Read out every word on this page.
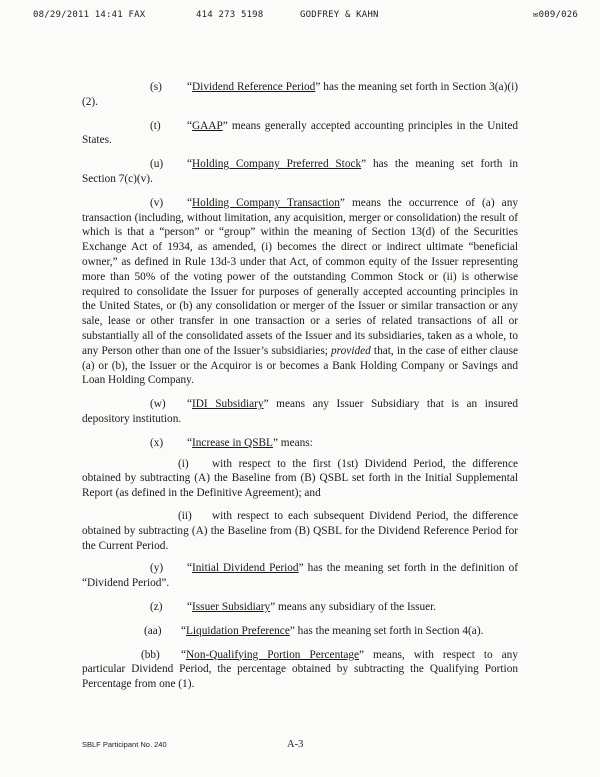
08/29/2011 14:41 FAX	414 273 5198	GODFREY & KAHN	✉009/026

(s) “Dividend Reference Period” has the meaning set forth in Section 3(a)(i)(2).

(t) “GAAP” means generally accepted accounting principles in the United States.

(u) “Holding Company Preferred Stock” has the meaning set forth in Section 7(c)(v).

(v) “Holding Company Transaction” means the occurrence of (a) any transaction (including, without limitation, any acquisition, merger or consolidation) the result of which is that a “person” or “group” within the meaning of Section 13(d) of the Securities Exchange Act of 1934, as amended, (i) becomes the direct or indirect ultimate “beneficial owner,” as defined in Rule 13d-3 under that Act, of common equity of the Issuer representing more than 50% of the voting power of the outstanding Common Stock or (ii) is otherwise required to consolidate the Issuer for purposes of generally accepted accounting principles in the United States, or (b) any consolidation or merger of the Issuer or similar transaction or any sale, lease or other transfer in one transaction or a series of related transactions of all or substantially all of the consolidated assets of the Issuer and its subsidiaries, taken as a whole, to any Person other than one of the Issuer’s subsidiaries; provided that, in the case of either clause (a) or (b), the Issuer or the Acquiror is or becomes a Bank Holding Company or Savings and Loan Holding Company.

(w) “IDI Subsidiary” means any Issuer Subsidiary that is an insured depository institution.

(x) “Increase in QSBL” means:

(i) with respect to the first (1st) Dividend Period, the difference obtained by subtracting (A) the Baseline from (B) QSBL set forth in the Initial Supplemental Report (as defined in the Definitive Agreement); and

(ii) with respect to each subsequent Dividend Period, the difference obtained by subtracting (A) the Baseline from (B) QSBL for the Dividend Reference Period for the Current Period.

(y) “Initial Dividend Period” has the meaning set forth in the definition of “Dividend Period”.

(z) “Issuer Subsidiary” means any subsidiary of the Issuer.

(aa) “Liquidation Preference” has the meaning set forth in Section 4(a).

(bb) “Non-Qualifying Portion Percentage” means, with respect to any particular Dividend Period, the percentage obtained by subtracting the Qualifying Portion Percentage from one (1).

SBLF Participant No. 240	A-3
